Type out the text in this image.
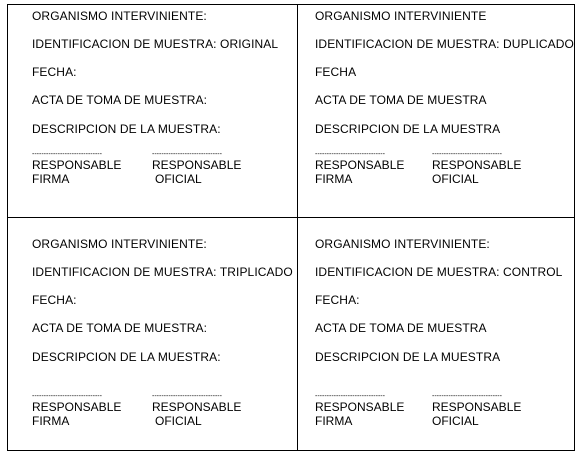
ORGANISMO INTERVINIENTE:
IDENTIFICACION DE MUESTRA: ORIGINAL
FECHA:
ACTA DE TOMA DE MUESTRA:
DESCRIPCION DE LA MUESTRA:
------------------------------
RESPONSABLE
FIRMA
------------------------------
RESPONSABLE
OFICIAL
ORGANISMO INTERVINIENTE
IDENTIFICACION DE MUESTRA: DUPLICADO
FECHA
ACTA DE TOMA DE MUESTRA
DESCRIPCION DE LA MUESTRA
------------------------------
RESPONSABLE
FIRMA
------------------------------
RESPONSABLE
OFICIAL
ORGANISMO INTERVINIENTE:
IDENTIFICACION DE MUESTRA: TRIPLICADO
FECHA:
ACTA DE TOMA DE MUESTRA:
DESCRIPCION DE LA MUESTRA:
------------------------------
RESPONSABLE
FIRMA
------------------------------
RESPONSABLE
OFICIAL
ORGANISMO INTERVINIENTE:
IDENTIFICACION DE MUESTRA: CONTROL
FECHA:
ACTA DE TOMA DE MUESTRA
DESCRIPCION DE LA MUESTRA
------------------------------
RESPONSABLE
FIRMA
------------------------------
RESPONSABLE
OFICIAL
